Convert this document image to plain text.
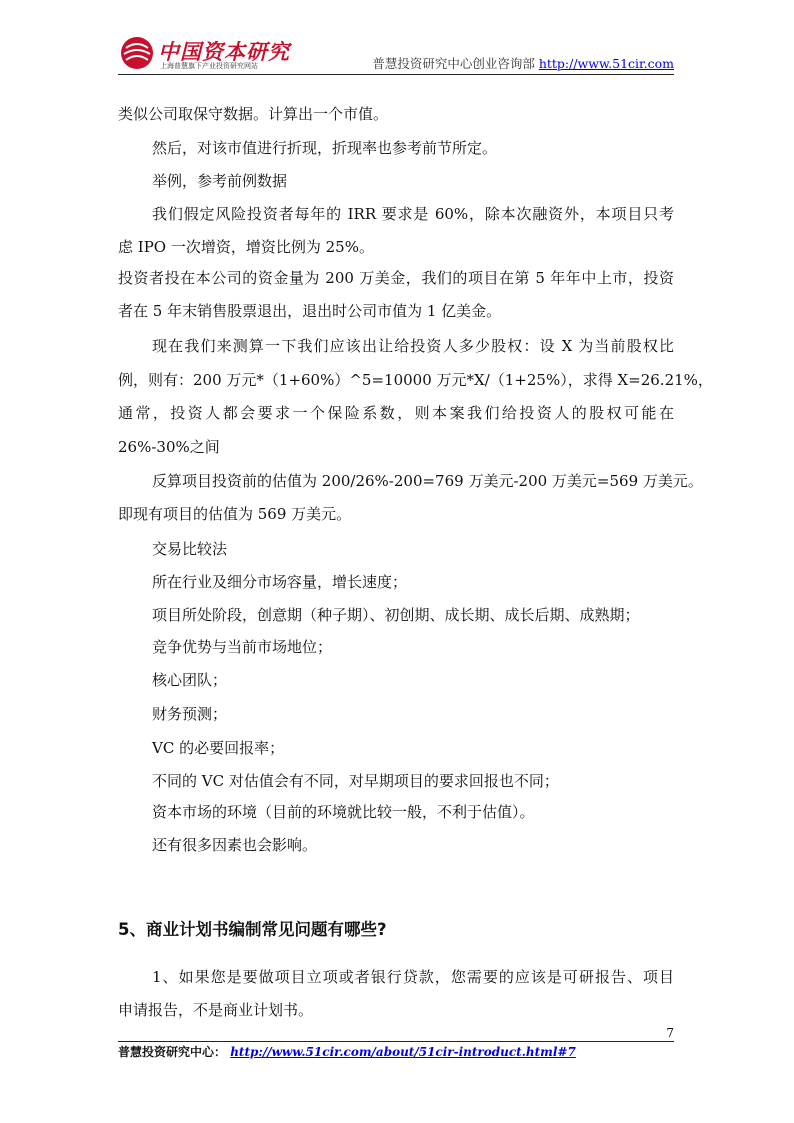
中国资本研究
上海普慧旗下产业投资研究网站	普慧投资研究中心创业咨询部 http://www.51cir.com
类似公司取保守数据。计算出一个市值。
然后，对该市值进行折现，折现率也参考前节所定。
举例，参考前例数据
我们假定风险投资者每年的 IRR 要求是 60%，除本次融资外，本项目只考
虑 IPO 一次增资，增资比例为 25%。
投资者投在本公司的资金量为 200 万美金，我们的项目在第 5 年年中上市，投资
者在 5 年末销售股票退出，退出时公司市值为 1 亿美金。
现在我们来测算一下我们应该出让给投资人多少股权：设 X 为当前股权比
例，则有：200 万元*（1+60%）^5=10000 万元*X/（1+25%），求得 X=26.21%，
通常，投资人都会要求一个保险系数，则本案我们给投资人的股权可能在
26%-30%之间
反算项目投资前的估值为 200/26%-200=769 万美元-200 万美元=569 万美元。
即现有项目的估值为 569 万美元。
交易比较法
所在行业及细分市场容量，增长速度；
项目所处阶段，创意期（种子期）、初创期、成长期、成长后期、成熟期；
竞争优势与当前市场地位；
核心团队；
财务预测；
VC 的必要回报率；
不同的 VC 对估值会有不同，对早期项目的要求回报也不同；
资本市场的环境（目前的环境就比较一般，不利于估值）。
还有很多因素也会影响。
5、商业计划书编制常见问题有哪些?
1、如果您是要做项目立项或者银行贷款，您需要的应该是可研报告、项目
申请报告，不是商业计划书。
7
普慧投资研究中心： http://www.51cir.com/about/51cir-introduct.html#7
